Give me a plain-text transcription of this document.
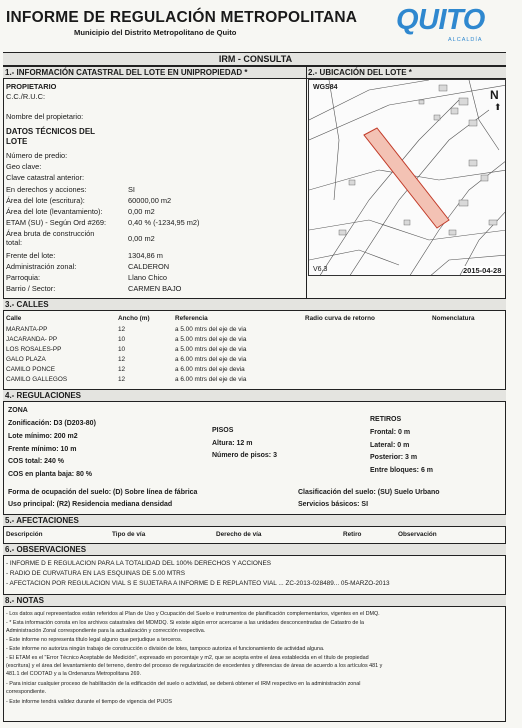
INFORME DE REGULACIÓN METROPOLITANA
Municipio del Distrito Metropolitano de Quito	QUITO
ALCALDÍA
IRM - CONSULTA
1.- INFORMACIÓN CATASTRAL DEL LOTE EN UNIPROPIEDAD *	2.- UBICACIÓN DEL LOTE *
PROPIETARIO
C.C./R.U.C:
Nombre del propietario:
DATOS TÉCNICOS DEL LOTE
Número de predio:
Geo clave:
Clave catastral anterior:
En derechos y acciones:	SI
Área del lote (escritura):	60000,00 m2
Área del lote (levantamiento):	0,00 m2
ETAM (SU) - Según Ord #269:	0,40 % (-1234,95 m2)
Área bruta de construcción
0,00 m2
total:
Frente del lote:	1304,86 m
Administración zonal:	CALDERON
Parroquia:	Llano Chico
Barrio / Sector:	CARMEN BAJO
WGS84
N
⬆
V6.3	2015-04-28
3.- CALLES
Calle	Ancho (m)	Referencia	Radio curva de retorno	Nomenclatura
MARANTA-PP	12	a 5.00 mtrs del eje de via
JACARANDA- PP	10	a 5.00 mtrs del eje de via
LOS ROSALES-PP	10	a 5.00 mtrs del eje de via
GALO PLAZA	12	a 6.00 mtrs del eje de via
CAMILO PONCE	12	a 6.00 mtrs del eje devia
CAMILO GALLEGOS	12	a 6.00 mtrs del eje de via
4.- REGULACIONES
ZONA
Zonificación: D3 (D203-80)
Lote mínimo: 200 m2
Frente mínimo: 10 m
COS total: 240 %
COS en planta baja: 80 %
PISOS
Altura: 12 m
Número de pisos: 3
RETIROS
Frontal: 0 m
Lateral: 0 m
Posterior: 3 m
Entre bloques: 6 m
Forma de ocupación del suelo: (D) Sobre línea de fábrica
Uso principal: (R2) Residencia mediana densidad
Clasificación del suelo: (SU) Suelo Urbano
Servicios básicos: SI
5.- AFECTACIONES
Descripción	Tipo de vía	Derecho de vía	Retiro	Observación
6.- OBSERVACIONES
- INFORME D E REGULACION PARA LA TOTALIDAD DEL 100% DERECHOS Y ACCIONES
- RADIO DE CURVATURA EN LAS ESQUINAS DE 5.00 MTRS
- AFECTACION POR REGULACION VIAL S E SUJETARA A INFORME D E REPLANTEO VIAL ... ZC-2013-028489... 05-MARZO-2013
8.- NOTAS
- Los datos aquí representados están referidos al Plan de Uso y Ocupación del Suelo e instrumentos de planificación complementarios, vigentes en el DMQ.
- * Esta información consta en los archivos catastrales del MDMDQ. Si existe algún error acercarse a las unidades desconcentradas de Catastro de la
Administración Zonal correspondiente para la actualización y corrección respectiva.
- Este informe no representa título legal alguno que perjudique a terceros.
- Este informe no autoriza ningún trabajo de construcción o división de lotes, tampoco autoriza el funcionamiento de actividad alguna.
- El ETAM es el "Error Técnico Aceptable de Medición", expresado en porcentaje y m2, que se acepta entre el área establecida en el título de propiedad
(escritura) y el área del levantamiento del terreno, dentro del proceso de regularización de excedentes y diferencias de áreas de acuerdo a los artículos 481 y
481.1 del COOTAD y a la Ordenanza Metropolitana 269.
- Para iniciar cualquier proceso de habilitación de la edificación del suelo o actividad, se deberá obtener el IRM respectivo en la administración zonal
correspondiente.
- Este informe tendrá validez durante el tiempo de vigencia del PUOS
